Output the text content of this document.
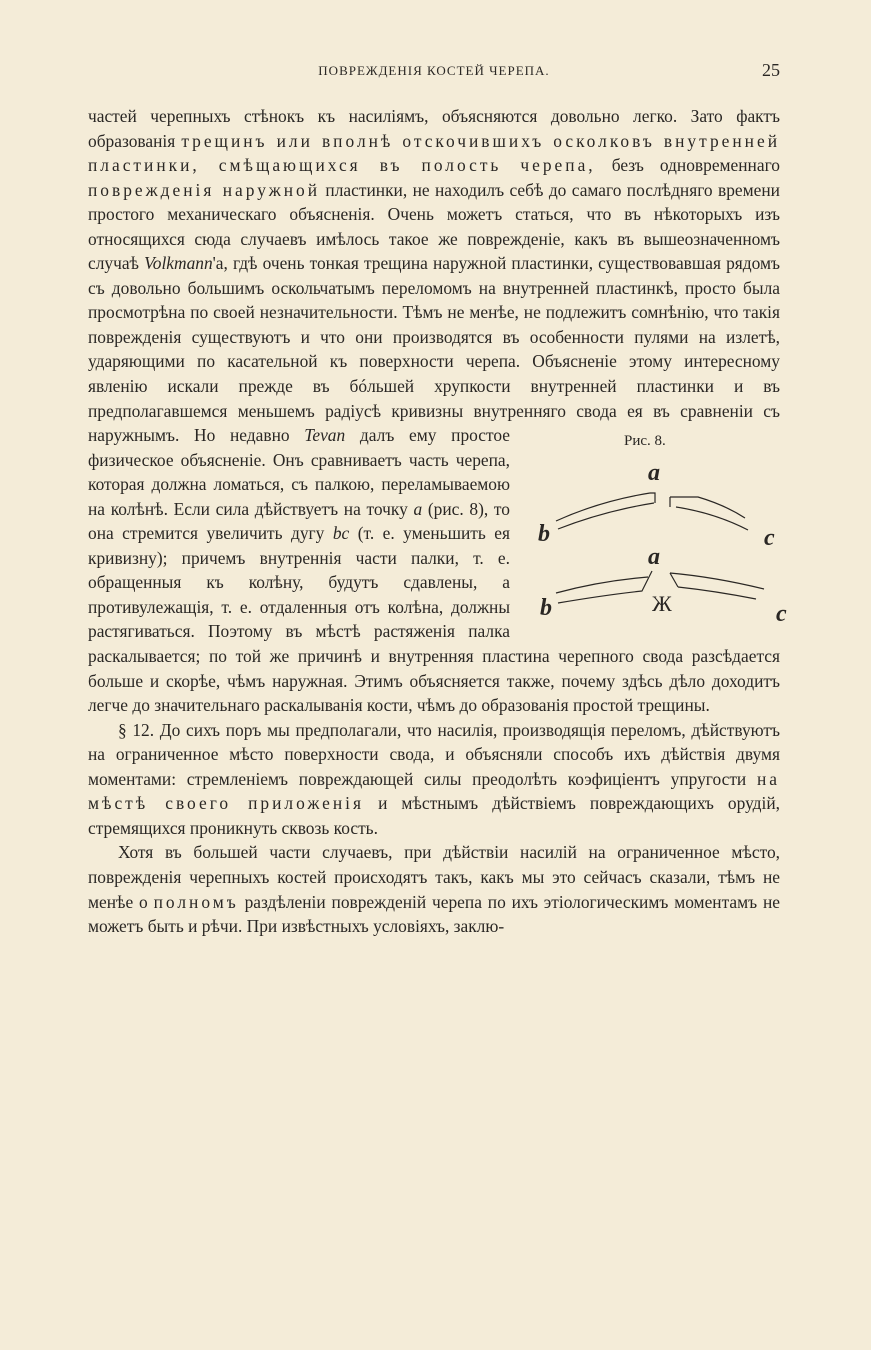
ПОВРЕЖДЕНІЯ КОСТЕЙ ЧЕРЕПА.	25

частей черепныхъ стѣнокъ къ насиліямъ, объясняются довольно легко. Зато фактъ образованія трещинъ или вполнѣ отскочившихъ осколковъ внутренней пластинки, смѣщающихся въ полость черепа, безъ одновременнаго поврежденія наружной пластинки, не находилъ себѣ до самаго послѣдняго времени простого механическаго объясненія. Очень можетъ статься, что въ нѣкоторыхъ изъ относящихся сюда случаевъ имѣлось такое же поврежденіе, какъ въ вышеозначенномъ случаѣ Volkmann'а, гдѣ очень тонкая трещина наружной пластинки, существовавшая рядомъ съ довольно большимъ оскольчатымъ переломомъ на внутренней пластинкѣ, просто была просмотрѣна по своей незначительности. Тѣмъ не менѣе, не подлежитъ сомнѣнію, что такія поврежденія существуютъ и что они производятся въ особенности пулями на излетѣ, ударяющими по касательной къ поверхности черепа. Объясненіе этому интересному явленію искали прежде въ бóльшей хрупкости внутренней пластинки и въ предполагавшемся меньшемъ радіусѣ кривизны внутренняго свода ея въ сравненіи съ наружнымъ. Но недавно	Рис. 8.
a
b	c
a
b	Ж	c
Tevan далъ ему простое физическое объясненіе. Онъ сравниваетъ часть черепа, которая должна ломаться, съ палкою, переламываемою на колѣнѣ. Если сила дѣйствуетъ на точку a (рис. 8), то она стремится увеличить дугу bc (т. е. уменьшить ея кривизну); причемъ внутреннія части палки, т. е. обращенныя къ колѣну, будутъ сдавлены, а противулежащія, т. е. отдаленныя отъ колѣна, должны растягиваться. Поэтому въ мѣстѣ растяженія палка раскалывается; по той же причинѣ и внутренняя пластина черепного свода разсѣдается больше и скорѣе, чѣмъ наружная. Этимъ объясняется также, почему здѣсь дѣло доходитъ легче до значительнаго раскалыванія кости, чѣмъ до образованія простой трещины.

§ 12. До сихъ поръ мы предполагали, что насилія, производящія переломъ, дѣйствуютъ на ограниченное мѣсто поверхности свода, и объясняли способъ ихъ дѣйствія двумя моментами: стремленіемъ повреждающей силы преодолѣть коэфиціентъ упругости на мѣстѣ своего приложенія и мѣстнымъ дѣйствіемъ повреждающихъ орудій, стремящихся проникнуть сквозь кость.

Хотя въ большей части случаевъ, при дѣйствіи насилій на ограниченное мѣсто, поврежденія черепныхъ костей происходятъ такъ, какъ мы это сейчасъ сказали, тѣмъ не менѣе о полномъ раздѣленіи поврежденій черепа по ихъ этіологическимъ моментамъ не можетъ быть и рѣчи. При извѣстныхъ условіяхъ, заклю-
